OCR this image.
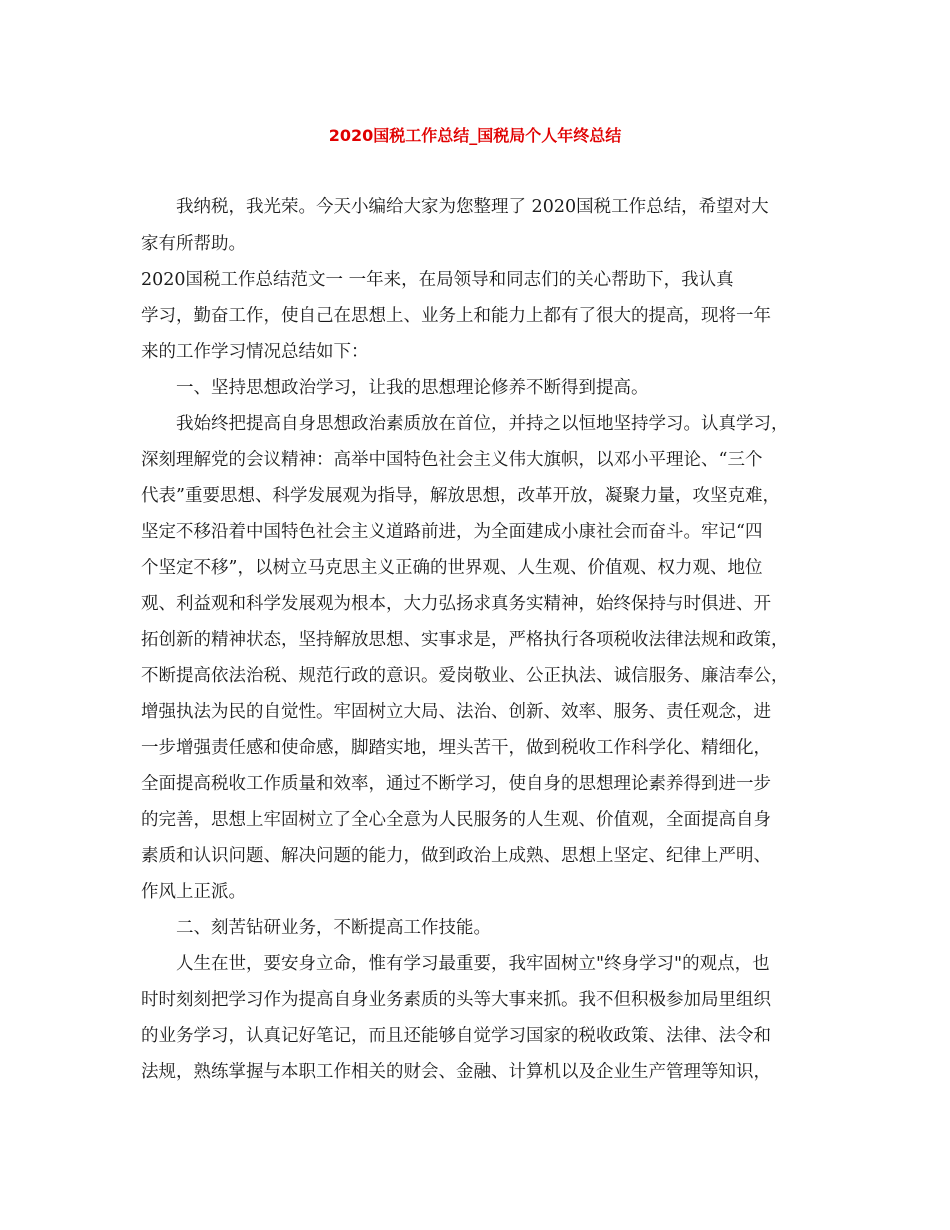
2020国税工作总结_国税局个人年终总结
我纳税，我光荣。今天小编给大家为您整理了 2020国税工作总结，希望对大
家有所帮助。
2020国税工作总结范文一 一年来，在局领导和同志们的关心帮助下，我认真
学习，勤奋工作，使自己在思想上、业务上和能力上都有了很大的提高，现将一年
来的工作学习情况总结如下：
一、坚持思想政治学习，让我的思想理论修养不断得到提高。
我始终把提高自身思想政治素质放在首位，并持之以恒地坚持学习。认真学习，
深刻理解党的会议精神：高举中国特色社会主义伟大旗帜，以邓小平理论、“三个
代表”重要思想、科学发展观为指导，解放思想，改革开放，凝聚力量，攻坚克难，
坚定不移沿着中国特色社会主义道路前进，为全面建成小康社会而奋斗。牢记“四
个坚定不移”，以树立马克思主义正确的世界观、人生观、价值观、权力观、地位
观、利益观和科学发展观为根本，大力弘扬求真务实精神，始终保持与时俱进、开
拓创新的精神状态，坚持解放思想、实事求是，严格执行各项税收法律法规和政策，
不断提高依法治税、规范行政的意识。爱岗敬业、公正执法、诚信服务、廉洁奉公，
增强执法为民的自觉性。牢固树立大局、法治、创新、效率、服务、责任观念，进
一步增强责任感和使命感，脚踏实地，埋头苦干，做到税收工作科学化、精细化，
全面提高税收工作质量和效率，通过不断学习，使自身的思想理论素养得到进一步
的完善，思想上牢固树立了全心全意为人民服务的人生观、价值观，全面提高自身
素质和认识问题、解决问题的能力，做到政治上成熟、思想上坚定、纪律上严明、
作风上正派。
二、刻苦钻研业务，不断提高工作技能。
人生在世，要安身立命，惟有学习最重要，我牢固树立"终身学习"的观点，也
时时刻刻把学习作为提高自身业务素质的头等大事来抓。我不但积极参加局里组织
的业务学习，认真记好笔记，而且还能够自觉学习国家的税收政策、法律、法令和
法规，熟练掌握与本职工作相关的财会、金融、计算机以及企业生产管理等知识，
